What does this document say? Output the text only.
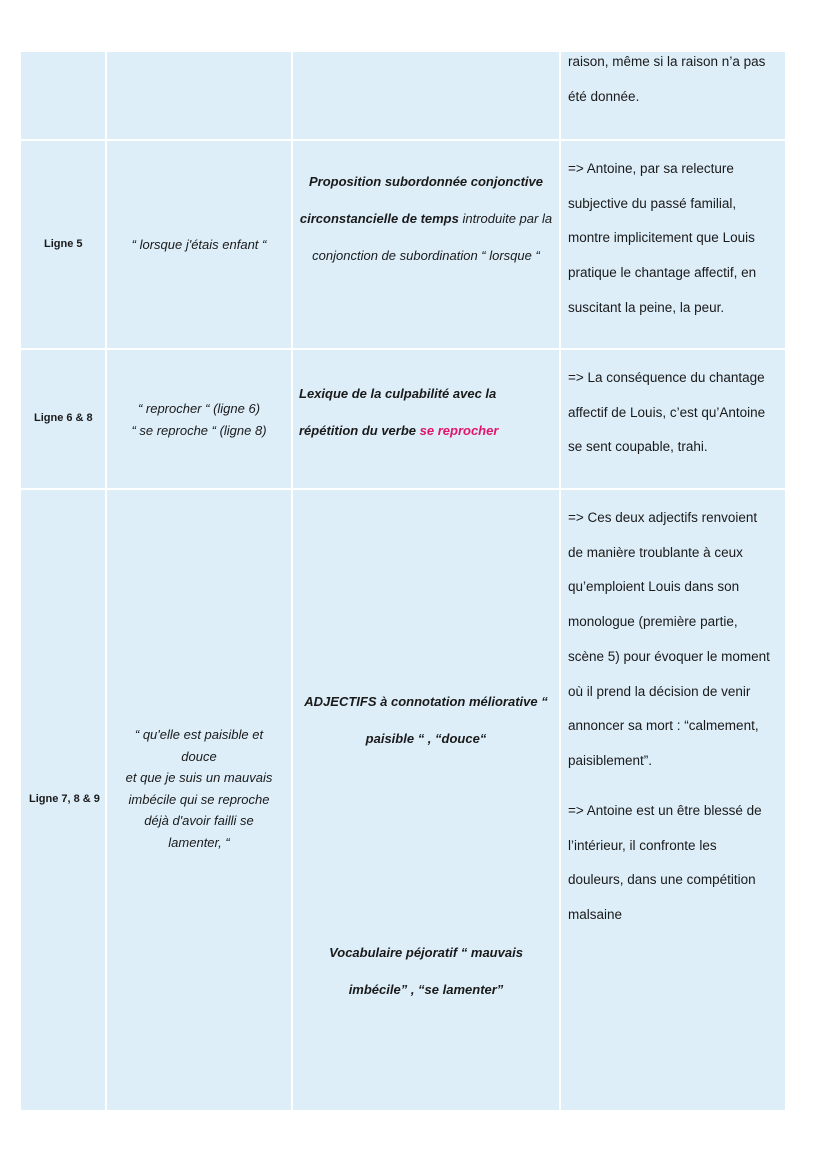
raison, même si la raison n’a pas

été donnée.

Ligne 5	“ lorsque j'étais enfant “
Proposition subordonnée conjonctive circonstancielle de temps introduite par la conjonction de subordination “ lorsque “

=> Antoine, par sa relecture

subjective du passé familial,

montre implicitement que Louis

pratique le chantage affectif, en

suscitant la peine, la peur.

Ligne 6 & 8
“ reprocher “ (ligne 6)
“ se reproche “ (ligne 8)
Lexique de la culpabilité avec la répétition du verbe se reprocher

=> La conséquence du chantage

affectif de Louis, c’est qu’Antoine

se sent coupable, trahi.

Ligne 7, 8 & 9
“ qu'elle est paisible et
douce
et que je suis un mauvais
imbécile qui se reproche
déjà d'avoir failli se
lamenter, “
ADJECTIFS à connotation méliorative “
paisible “ , “douce“
Vocabulaire péjoratif “ mauvais
imbécile” , “se lamenter”

=> Ces deux adjectifs renvoient

de manière troublante à ceux

qu’emploient Louis dans son

monologue (première partie,

scène 5) pour évoquer le moment

où il prend la décision de venir

annoncer sa mort : “calmement,

paisiblement”.

=> Antoine est un être blessé de

l’intérieur, il confronte les

douleurs, dans une compétition

malsaine
